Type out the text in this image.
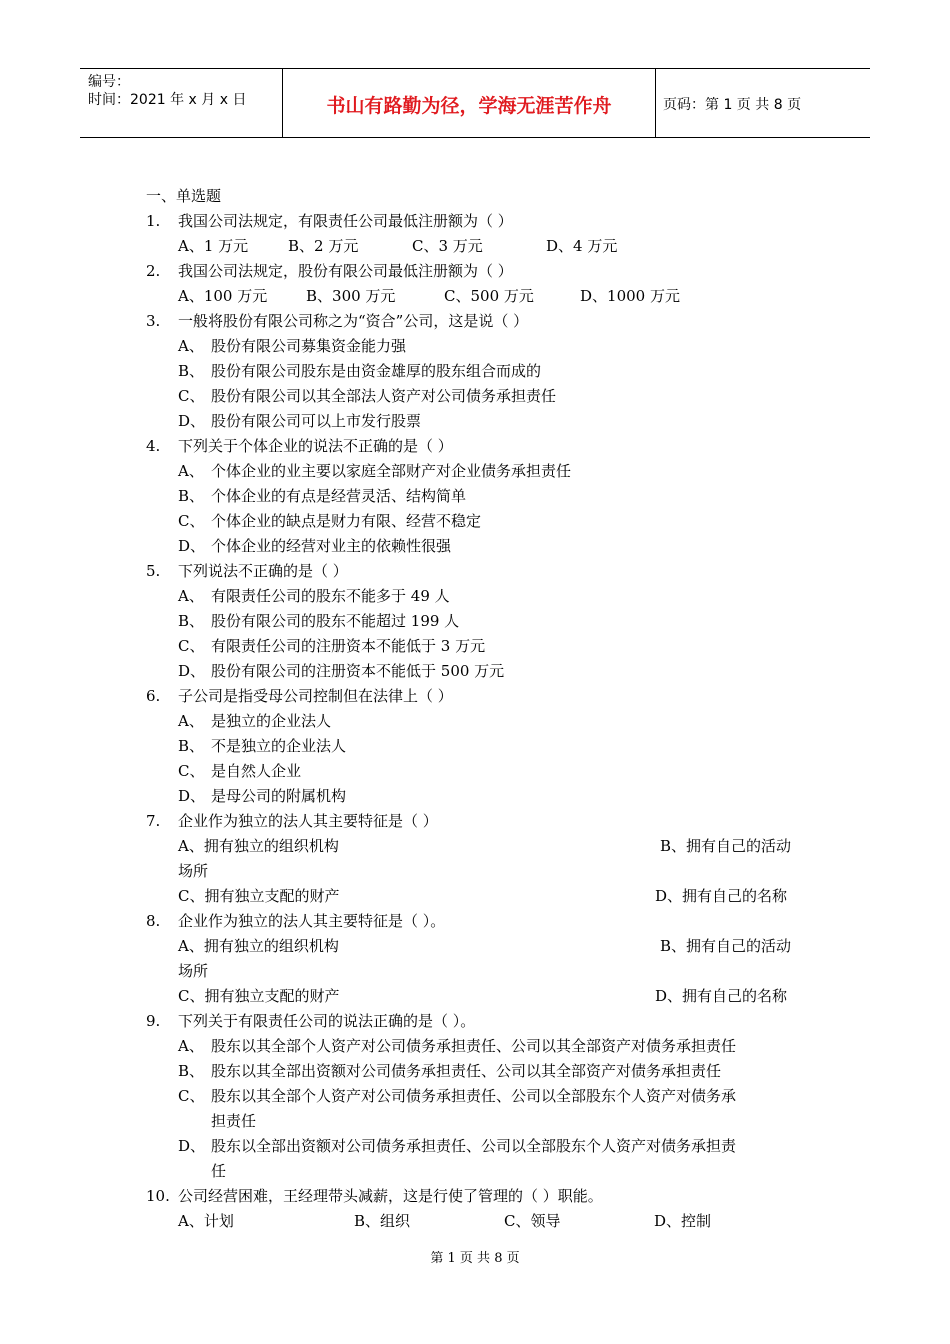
编号：
时间：2021 年 x 月 x 日	书山有路勤为径，学海无涯苦作舟	页码：第 1 页 共 8 页
一、单选题
1. 我国公司法规定，有限责任公司最低注册额为（ ）
A、1 万元	B、2 万元	C、3 万元	D、4 万元
2. 我国公司法规定，股份有限公司最低注册额为（ ）
A、100 万元	B、300 万元	C、500 万元	D、1000 万元
3. 一般将股份有限公司称之为“资合”公司，这是说（ ）
A、 股份有限公司募集资金能力强
B、 股份有限公司股东是由资金雄厚的股东组合而成的
C、 股份有限公司以其全部法人资产对公司债务承担责任
D、 股份有限公司可以上市发行股票
4. 下列关于个体企业的说法不正确的是（ ）
A、 个体企业的业主要以家庭全部财产对企业债务承担责任
B、 个体企业的有点是经营灵活、结构简单
C、 个体企业的缺点是财力有限、经营不稳定
D、 个体企业的经营对业主的依赖性很强
5. 下列说法不正确的是（ ）
A、 有限责任公司的股东不能多于 49 人
B、 股份有限公司的股东不能超过 199 人
C、 有限责任公司的注册资本不能低于 3 万元
D、 股份有限公司的注册资本不能低于 500 万元
6. 子公司是指受母公司控制但在法律上（ ）
A、 是独立的企业法人
B、 不是独立的企业法人
C、 是自然人企业
D、 是母公司的附属机构
7. 企业作为独立的法人其主要特征是（ ）
A、拥有独立的组织机构	B、拥有自己的活动
场所
C、拥有独立支配的财产	D、拥有自己的名称
8. 企业作为独立的法人其主要特征是（ ）。
A、拥有独立的组织机构	B、拥有自己的活动
场所
C、拥有独立支配的财产	D、拥有自己的名称
9. 下列关于有限责任公司的说法正确的是（ ）。
A、 股东以其全部个人资产对公司债务承担责任、公司以其全部资产对债务承担责任
B、 股东以其全部出资额对公司债务承担责任、公司以其全部资产对债务承担责任
C、 股东以其全部个人资产对公司债务承担责任、公司以全部股东个人资产对债务承
担责任
D、 股东以全部出资额对公司债务承担责任、公司以全部股东个人资产对债务承担责
任
10. 公司经营困难，王经理带头减薪，这是行使了管理的（ ）职能。
A、计划	B、组织	C、领导	D、控制
第 1 页 共 8 页
